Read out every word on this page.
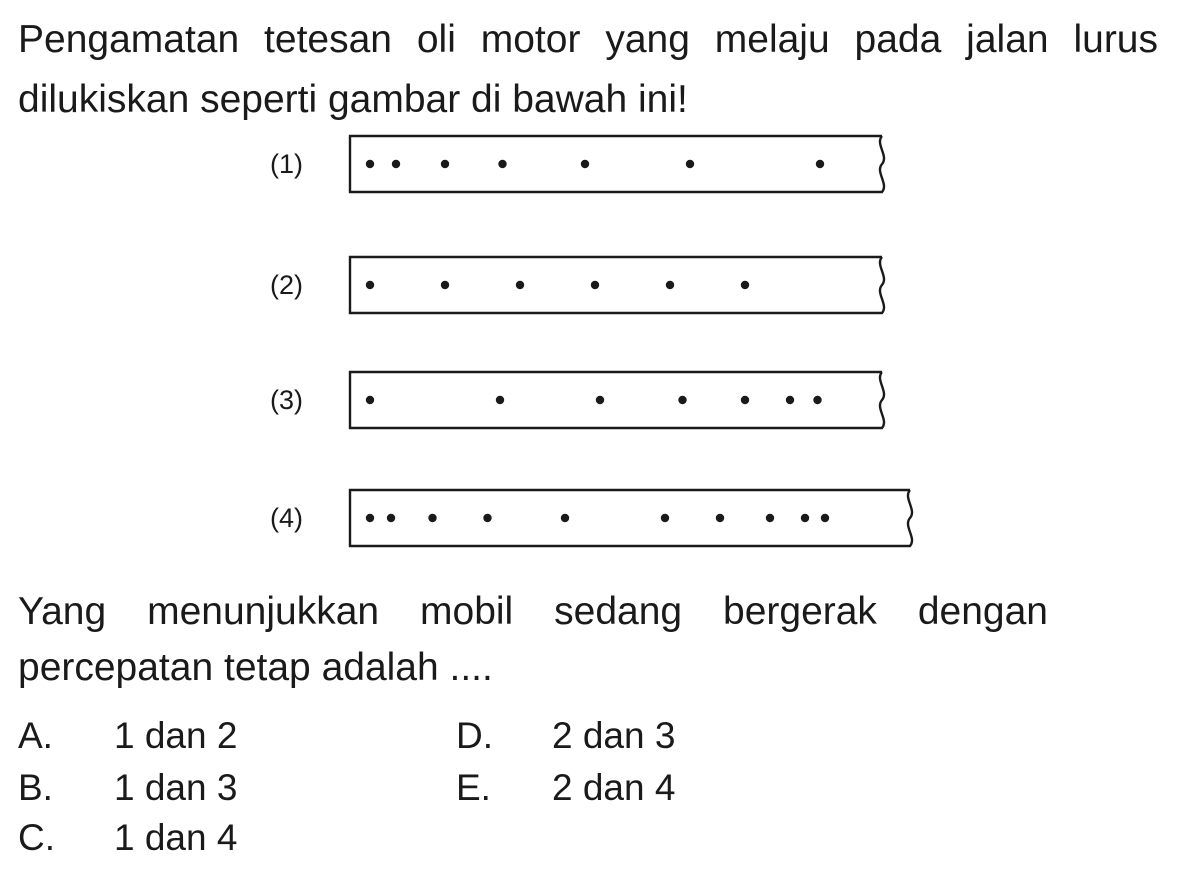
Pengamatan tetesan oli motor yang melaju pada jalan lurus dilukiskan seperti gambar di bawah ini!

(1)
(2)
(3)
(4)

Yang menunjukkan mobil sedang bergerak dengan percepatan tetap adalah ....

A. 1 dan 2
B. 1 dan 3
C. 1 dan 4
D. 2 dan 3
E. 2 dan 4
